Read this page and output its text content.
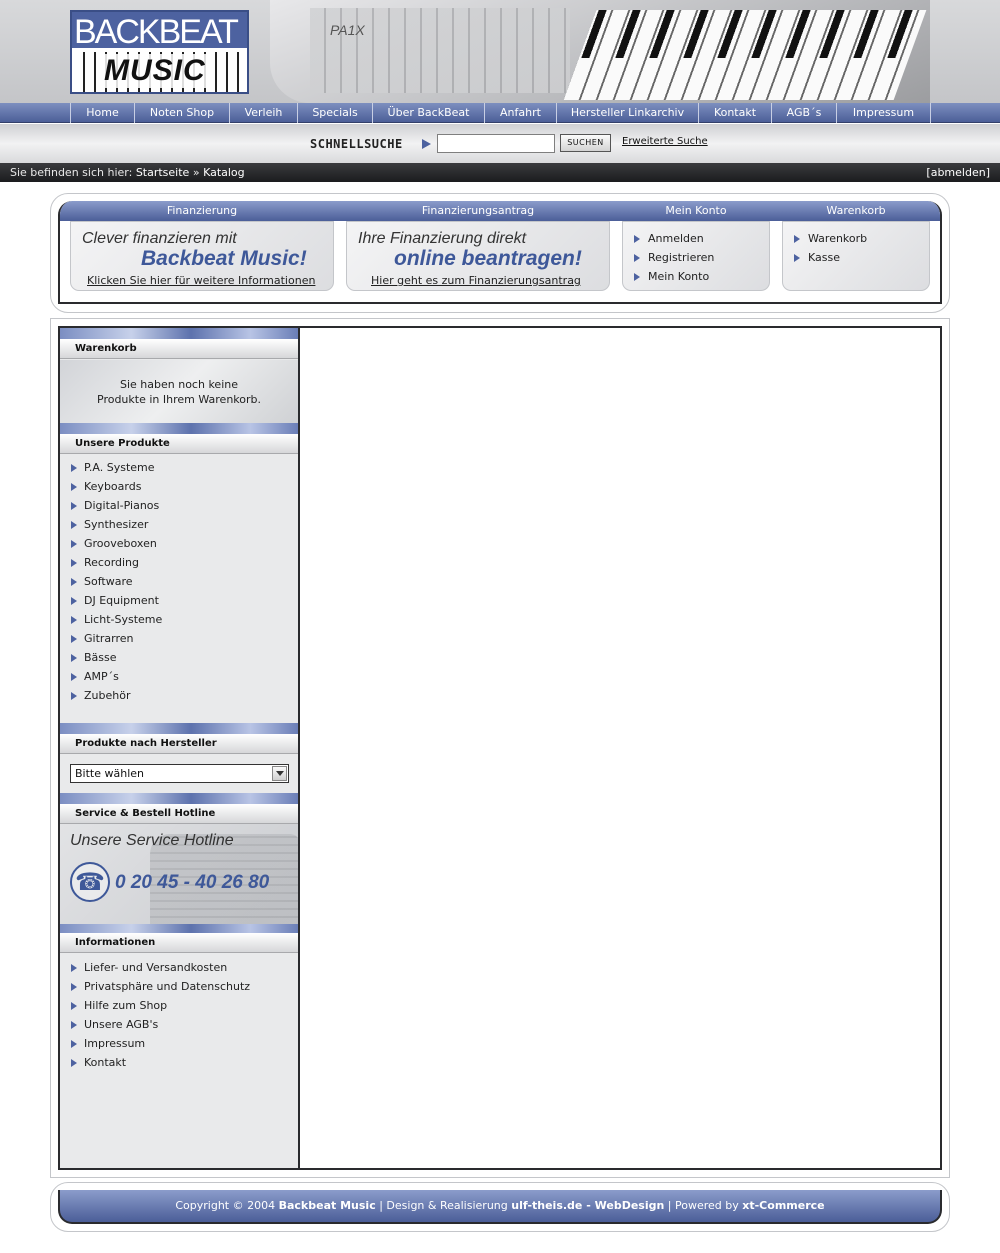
BACKBEAT
MUSIC
PA1X
Home	Noten Shop	Verleih	Specials	Über BackBeat	Anfahrt	Hersteller Linkarchiv	Kontakt	AGB´s	Impressum
SCHNELLSUCHE	SUCHEN	Erweiterte Suche
Sie befinden sich hier: Startseite » Katalog	[abmelden]
Finanzierung	Finanzierungsantrag	Mein Konto	Warenkorb
Clever finanzieren mit
Backbeat Music!
Klicken Sie hier für weitere Informationen
Ihre Finanzierung direkt
online beantragen!
Hier geht es zum Finanzierungsantrag
Anmelden
Registrieren
Mein Konto
Warenkorb
Kasse
Warenkorb
Sie haben noch keine
Produkte in Ihrem Warenkorb.
Unsere Produkte
P.A. Systeme
Keyboards
Digital-Pianos
Synthesizer
Grooveboxen
Recording
Software
DJ Equipment
Licht-Systeme
Gitrarren
Bässe
AMP´s
Zubehör
Produkte nach Hersteller
Bitte wählen
Service & Bestell Hotline
Unsere Service Hotline
☎ 0 20 45 - 40 26 80
Informationen
Liefer- und Versandkosten
Privatsphäre und Datenschutz
Hilfe zum Shop
Unsere AGB's
Impressum
Kontakt
Copyright © 2004 Backbeat Music | Design & Realisierung ulf-theis.de - WebDesign | Powered by xt-Commerce
